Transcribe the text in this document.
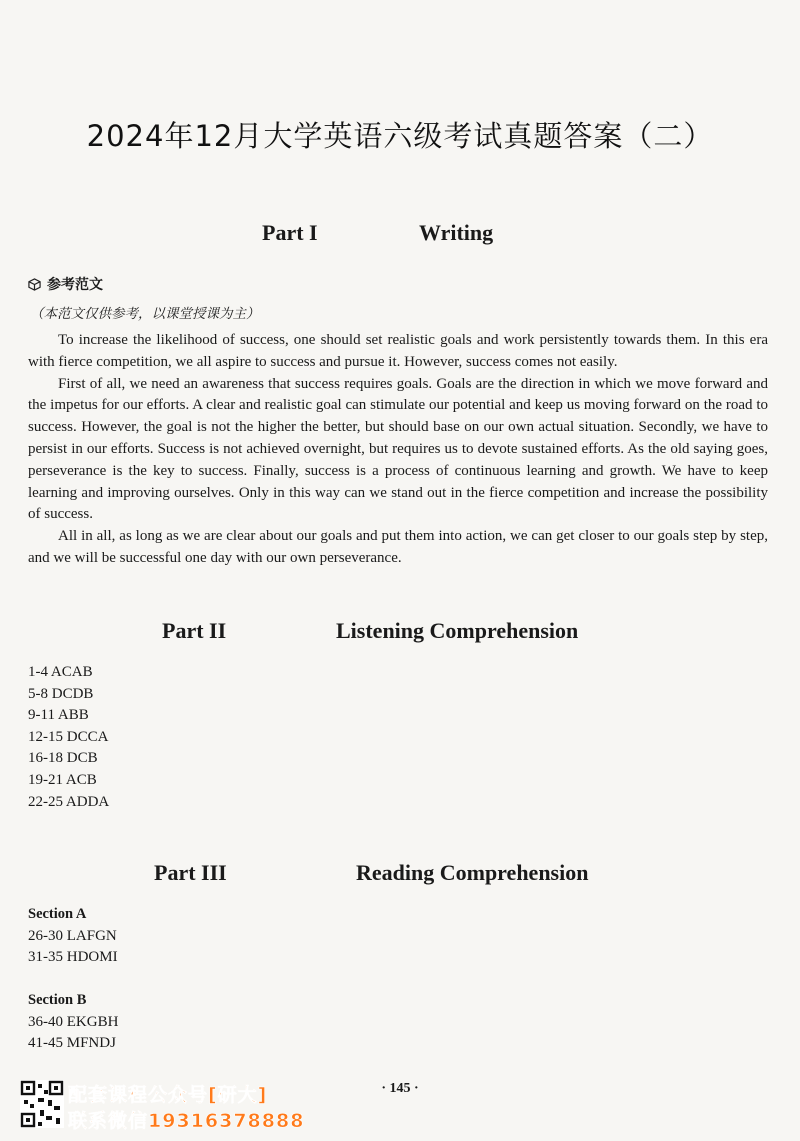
2024年12月大学英语六级考试真题答案（二）
Part I	Writing
参考范文
（本范文仅供参考，以课堂授课为主）

To increase the likelihood of success, one should set realistic goals and work persistently towards them. In this era with fierce competition, we all aspire to success and pursue it. However, success comes not easily.

First of all, we need an awareness that success requires goals. Goals are the direction in which we move forward and the impetus for our efforts. A clear and realistic goal can stimulate our potential and keep us moving forward on the road to success. However, the goal is not the higher the better, but should base on our own actual situation. Secondly, we have to persist in our efforts. Success is not achieved overnight, but requires us to devote sustained efforts. As the old saying goes, perseverance is the key to success. Finally, success is a process of continuous learning and growth. We have to keep learning and improving ourselves. Only in this way can we stand out in the fierce competition and increase the possibility of success.

All in all, as long as we are clear about our goals and put them into action, we can get closer to our goals step by step, and we will be successful one day with our own perseverance.

Part II	Listening Comprehension
1-4 ACAB
5-8 DCDB
9-11 ABB
12-15 DCCA
16-18 DCB
19-21 ACB
22-25 ADDA
Part III	Reading Comprehension
Section A
26-30 LAFGN
31-35 HDOMI
Section B
36-40 EKGBH
41-45 MFNDJ
· 145 ·
配套课程公众号[研大]
联系微信19316378888
